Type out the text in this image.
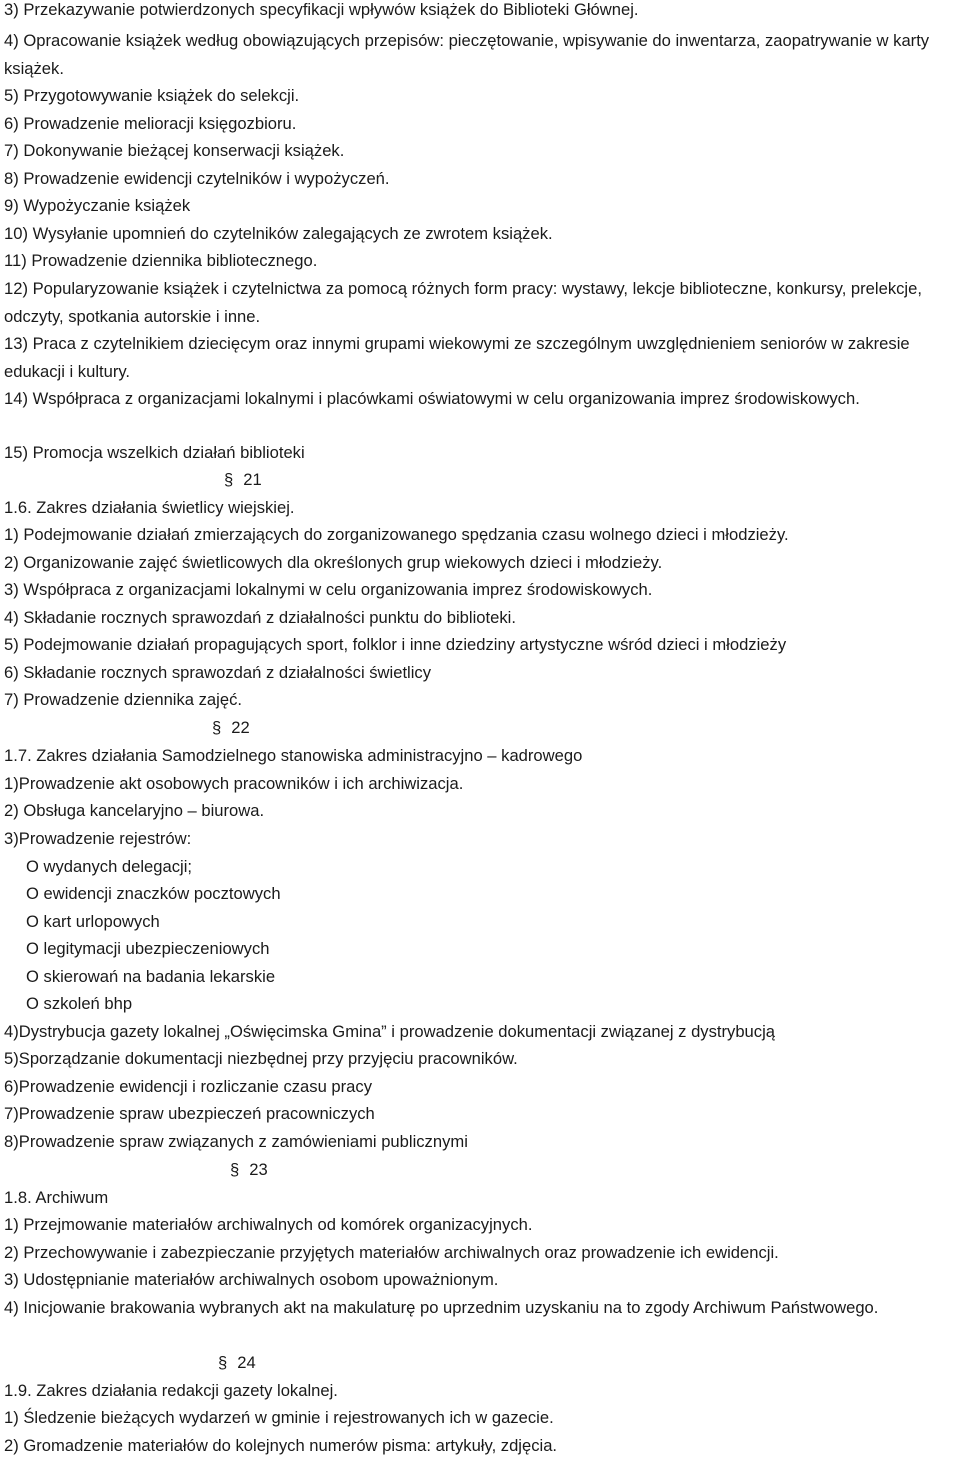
3) Przekazywanie potwierdzonych specyfikacji wpływów książek do Biblioteki Głównej.
4) Opracowanie książek według obowiązujących przepisów: pieczętowanie, wpisywanie do inwentarza, zaopatrywanie w karty książek.
5) Przygotowywanie książek do selekcji.
6) Prowadzenie melioracji księgozbioru.
7) Dokonywanie bieżącej konserwacji książek.
8) Prowadzenie ewidencji czytelników i wypożyczeń.
9) Wypożyczanie książek
10) Wysyłanie upomnień do czytelników zalegających ze zwrotem książek.
11) Prowadzenie dziennika bibliotecznego.
12) Popularyzowanie książek i czytelnictwa za pomocą różnych form pracy: wystawy, lekcje biblioteczne, konkursy, prelekcje, odczyty, spotkania autorskie i inne.
13) Praca z czytelnikiem dziecięcym oraz innymi grupami wiekowymi ze szczególnym uwzględnieniem seniorów w zakresie edukacji i kultury.
14) Współpraca z organizacjami lokalnymi i placówkami oświatowymi w celu organizowania imprez środowiskowych.
15) Promocja wszelkich działań biblioteki
§ 21
1.6. Zakres działania świetlicy wiejskiej.
1) Podejmowanie działań zmierzających do zorganizowanego spędzania czasu wolnego dzieci i młodzieży.
2) Organizowanie zajęć świetlicowych dla określonych grup wiekowych dzieci i młodzieży.
3) Współpraca z organizacjami lokalnymi w celu organizowania imprez środowiskowych.
4) Składanie rocznych sprawozdań z działalności punktu do biblioteki.
5) Podejmowanie działań propagujących sport, folklor i inne dziedziny artystyczne wśród dzieci i młodzieży
6) Składanie rocznych sprawozdań z działalności świetlicy
7) Prowadzenie dziennika zajęć.
§ 22
1.7. Zakres działania Samodzielnego stanowiska administracyjno – kadrowego
1)Prowadzenie akt osobowych pracowników i ich archiwizacja.
2) Obsługa kancelaryjno – biurowa.
3)Prowadzenie rejestrów:
O wydanych delegacji;
O ewidencji znaczków pocztowych
O kart urlopowych
O legitymacji ubezpieczeniowych
O skierowań na badania lekarskie
O szkoleń bhp
4)Dystrybucja gazety lokalnej „Oświęcimska Gmina” i prowadzenie dokumentacji związanej z dystrybucją
5)Sporządzanie dokumentacji niezbędnej przy przyjęciu pracowników.
6)Prowadzenie ewidencji i rozliczanie czasu pracy
7)Prowadzenie spraw ubezpieczeń pracowniczych
8)Prowadzenie spraw związanych z zamówieniami publicznymi
§ 23
1.8. Archiwum
1) Przejmowanie materiałów archiwalnych od komórek organizacyjnych.
2) Przechowywanie i zabezpieczanie przyjętych materiałów archiwalnych oraz prowadzenie ich ewidencji.
3) Udostępnianie materiałów archiwalnych osobom upoważnionym.
4) Inicjowanie brakowania wybranych akt na makulaturę po uprzednim uzyskaniu na to zgody Archiwum Państwowego.
§ 24
1.9. Zakres działania redakcji gazety lokalnej.
1) Śledzenie bieżących wydarzeń w gminie i rejestrowanych ich w gazecie.
2) Gromadzenie materiałów do kolejnych numerów pisma: artykuły, zdjęcia.
